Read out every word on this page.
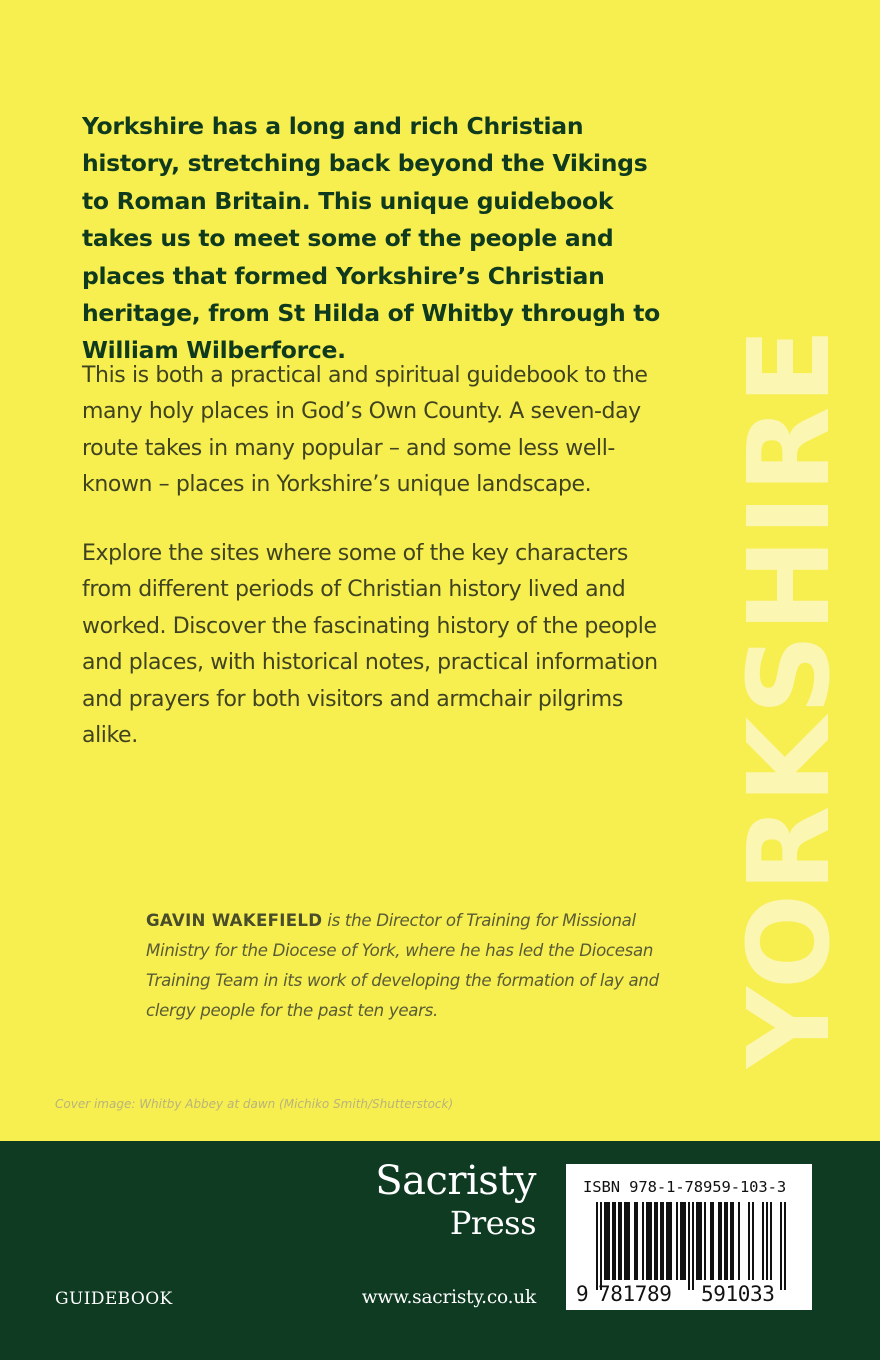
Yorkshire has a long and rich Christian history, stretching back beyond the Vikings to Roman Britain. This unique guidebook takes us to meet some of the people and places that formed Yorkshire’s Christian heritage, from St Hilda of Whitby through to William Wilberforce.

This is both a practical and spiritual guidebook to the many holy places in God’s Own County. A seven-day route takes in many popular – and some less well-known – places in Yorkshire’s unique landscape.

Explore the sites where some of the key characters from different periods of Christian history lived and worked. Discover the fascinating history of the people and places, with historical notes, practical information and prayers for both visitors and armchair pilgrims alike.	YORKSHIRE

GAVIN WAKEFIELD is the Director of Training for Missional Ministry for the Diocese of York, where he has led the Diocesan Training Team in its work of developing the formation of lay and clergy people for the past ten years.

Cover image: Whitby Abbey at dawn (Michiko Smith/Shutterstock)

Sacristy
Press
GUIDEBOOK	www.sacristy.co.uk
ISBN 978-1-78959-103-3
9 781789 591033
